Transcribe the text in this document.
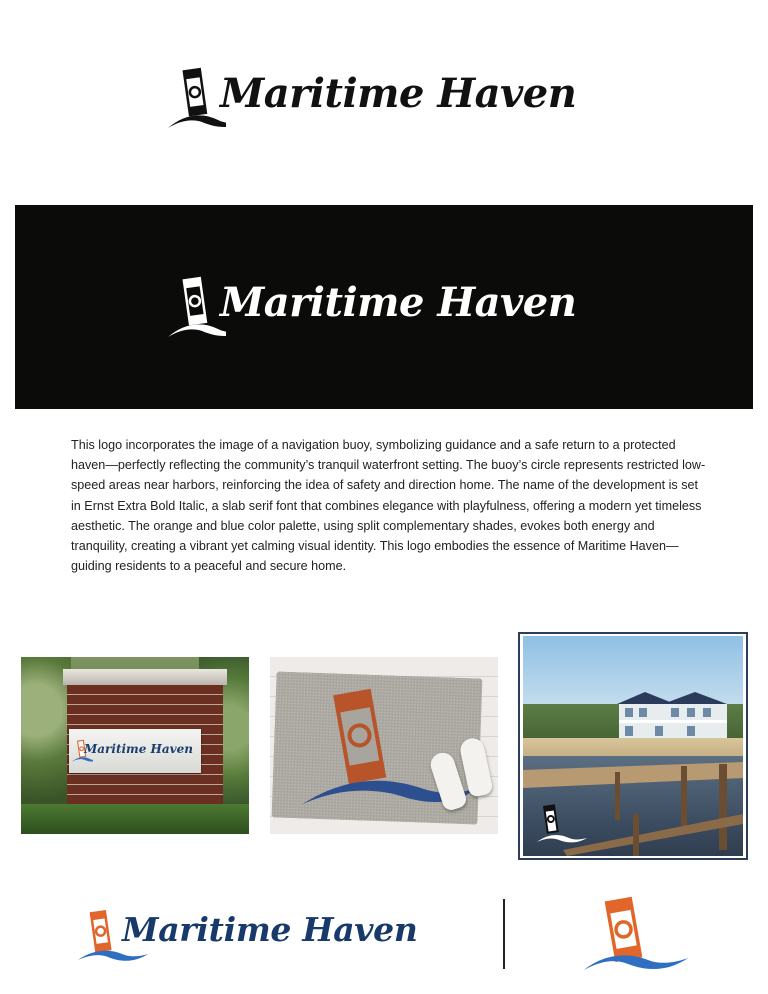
Maritime Haven
Maritime Haven

This logo incorporates the image of a navigation buoy, symbolizing guidance and a safe return to a protected haven—perfectly reflecting the community’s tranquil waterfront setting. The buoy’s circle represents restricted low-speed areas near harbors, reinforcing the idea of safety and direction home. The name of the development is set in Ernst Extra Bold Italic, a slab serif font that combines elegance with playfulness, offering a modern yet timeless aesthetic. The orange and blue color palette, using split complementary shades, evokes both energy and tranquility, creating a vibrant yet calming visual identity. This logo embodies the essence of Maritime Haven—guiding residents to a peaceful and secure home.

Maritime Haven
Maritime Haven
